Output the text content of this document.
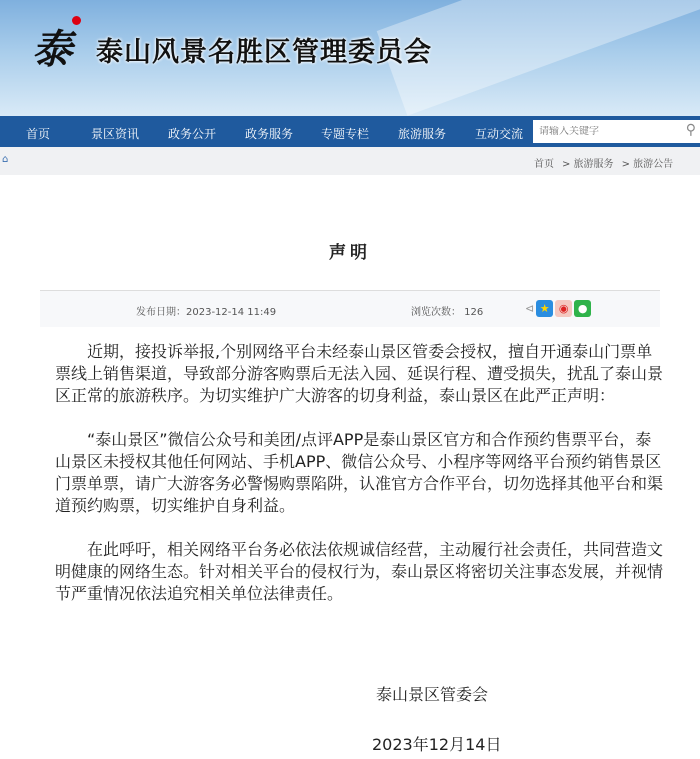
泰 泰山风景名胜区管理委员会
首页	景区资讯 政务公开 政务服务 专题专栏 旅游服务 互动交流
请输入关键字	⚲
⌂	首页 > 旅游服务 > 旅游公告
声明
发布日期：2023-12-14 11:49	浏览次数： 126	⊲ ★ ◉ ●

近期，接投诉举报,个别网络平台未经泰山景区管委会授权，擅自开通泰山门票单票线上销售渠道，导致部分游客购票后无法入园、延误行程、遭受损失，扰乱了泰山景区正常的旅游秩序。为切实维护广大游客的切身利益，泰山景区在此严正声明：

“泰山景区”微信公众号和美团/点评APP是泰山景区官方和合作预约售票平台，泰山景区未授权其他任何网站、手机APP、微信公众号、小程序等网络平台预约销售景区门票单票，请广大游客务必警惕购票陷阱，认准官方合作平台，切勿选择其他平台和渠道预约购票，切实维护自身利益。

在此呼吁，相关网络平台务必依法依规诚信经营，主动履行社会责任，共同营造文明健康的网络生态。针对相关平台的侵权行为，泰山景区将密切关注事态发展，并视情节严重情况依法追究相关单位法律责任。

泰山景区管委会
2023年12月14日
